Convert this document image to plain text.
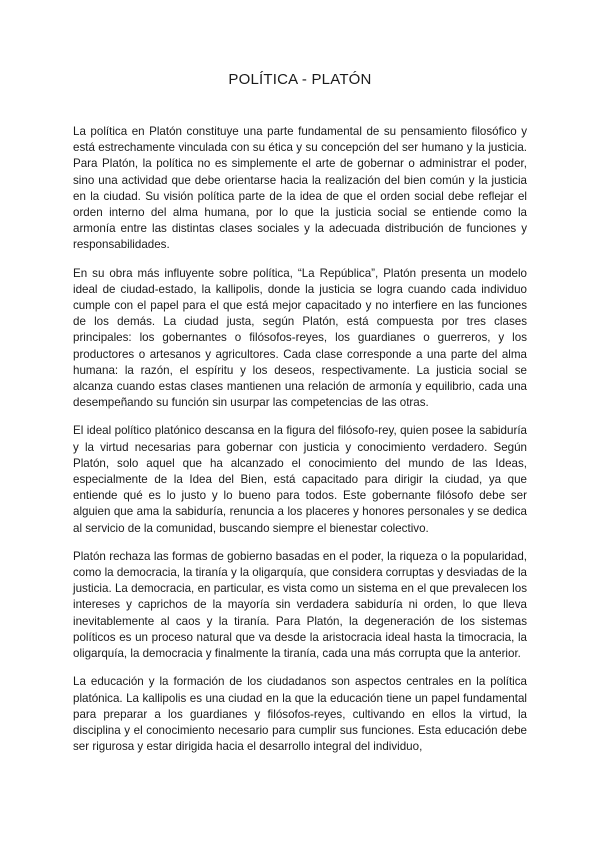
POLÍTICA - PLATÓN

La política en Platón constituye una parte fundamental de su pensamiento filosófico y está estrechamente vinculada con su ética y su concepción del ser humano y la justicia. Para Platón, la política no es simplemente el arte de gobernar o administrar el poder, sino una actividad que debe orientarse hacia la realización del bien común y la justicia en la ciudad. Su visión política parte de la idea de que el orden social debe reflejar el orden interno del alma humana, por lo que la justicia social se entiende como la armonía entre las distintas clases sociales y la adecuada distribución de funciones y responsabilidades.

En su obra más influyente sobre política, “La República”, Platón presenta un modelo ideal de ciudad-estado, la kallipolis, donde la justicia se logra cuando cada individuo cumple con el papel para el que está mejor capacitado y no interfiere en las funciones de los demás. La ciudad justa, según Platón, está compuesta por tres clases principales: los gobernantes o filósofos-reyes, los guardianes o guerreros, y los productores o artesanos y agricultores. Cada clase corresponde a una parte del alma humana: la razón, el espíritu y los deseos, respectivamente. La justicia social se alcanza cuando estas clases mantienen una relación de armonía y equilibrio, cada una desempeñando su función sin usurpar las competencias de las otras.

El ideal político platónico descansa en la figura del filósofo-rey, quien posee la sabiduría y la virtud necesarias para gobernar con justicia y conocimiento verdadero. Según Platón, solo aquel que ha alcanzado el conocimiento del mundo de las Ideas, especialmente de la Idea del Bien, está capacitado para dirigir la ciudad, ya que entiende qué es lo justo y lo bueno para todos. Este gobernante filósofo debe ser alguien que ama la sabiduría, renuncia a los placeres y honores personales y se dedica al servicio de la comunidad, buscando siempre el bienestar colectivo.

Platón rechaza las formas de gobierno basadas en el poder, la riqueza o la popularidad, como la democracia, la tiranía y la oligarquía, que considera corruptas y desviadas de la justicia. La democracia, en particular, es vista como un sistema en el que prevalecen los intereses y caprichos de la mayoría sin verdadera sabiduría ni orden, lo que lleva inevitablemente al caos y la tiranía. Para Platón, la degeneración de los sistemas políticos es un proceso natural que va desde la aristocracia ideal hasta la timocracia, la oligarquía, la democracia y finalmente la tiranía, cada una más corrupta que la anterior.

La educación y la formación de los ciudadanos son aspectos centrales en la política platónica. La kallipolis es una ciudad en la que la educación tiene un papel fundamental para preparar a los guardianes y filósofos-reyes, cultivando en ellos la virtud, la disciplina y el conocimiento necesario para cumplir sus funciones. Esta educación debe ser rigurosa y estar dirigida hacia el desarrollo integral del individuo,
